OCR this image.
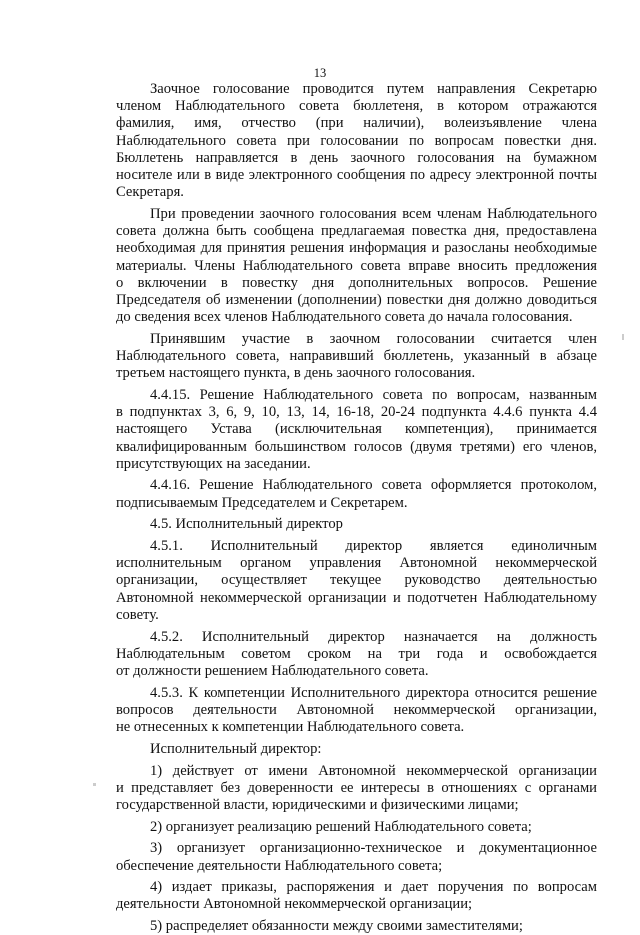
13
Заочное голосование проводится путем направления Секретарю
членом Наблюдательного совета бюллетеня, в котором отражаются
фамилия, имя, отчество (при наличии), волеизъявление члена
Наблюдательного совета при голосовании по вопросам повестки дня.
Бюллетень направляется в день заочного голосования на бумажном
носителе или в виде электронного сообщения по адресу электронной почты
Секретаря.
При проведении заочного голосования всем членам Наблюдательного
совета должна быть сообщена предлагаемая повестка дня, предоставлена
необходимая для принятия решения информация и разосланы необходимые
материалы. Члены Наблюдательного совета вправе вносить предложения
о включении в повестку дня дополнительных вопросов. Решение
Председателя об изменении (дополнении) повестки дня должно доводиться
до сведения всех членов Наблюдательного совета до начала голосования.
Принявшим участие в заочном голосовании считается член
Наблюдательного совета, направивший бюллетень, указанный в абзаце
третьем настоящего пункта, в день заочного голосования.
4.4.15. Решение Наблюдательного совета по вопросам, названным
в подпунктах 3, 6, 9, 10, 13, 14, 16-18, 20-24 подпункта 4.4.6 пункта 4.4
настоящего Устава (исключительная компетенция), принимается
квалифицированным большинством голосов (двумя третями) его членов,
присутствующих на заседании.
4.4.16. Решение Наблюдательного совета оформляется протоколом,
подписываемым Председателем и Секретарем.
4.5. Исполнительный директор
4.5.1. Исполнительный директор является единоличным
исполнительным органом управления Автономной некоммерческой
организации, осуществляет текущее руководство деятельностью
Автономной некоммерческой организации и подотчетен Наблюдательному
совету.
4.5.2. Исполнительный директор назначается на должность
Наблюдательным советом сроком на три года и освобождается
от должности решением Наблюдательного совета.
4.5.3. К компетенции Исполнительного директора относится решение
вопросов деятельности Автономной некоммерческой организации,
не отнесенных к компетенции Наблюдательного совета.
Исполнительный директор:
1) действует от имени Автономной некоммерческой организации
и представляет без доверенности ее интересы в отношениях с органами
государственной власти, юридическими и физическими лицами;
2) организует реализацию решений Наблюдательного совета;
3) организует организационно-техническое и документационное
обеспечение деятельности Наблюдательного совета;
4) издает приказы, распоряжения и дает поручения по вопросам
деятельности Автономной некоммерческой организации;
5) распределяет обязанности между своими заместителями;
